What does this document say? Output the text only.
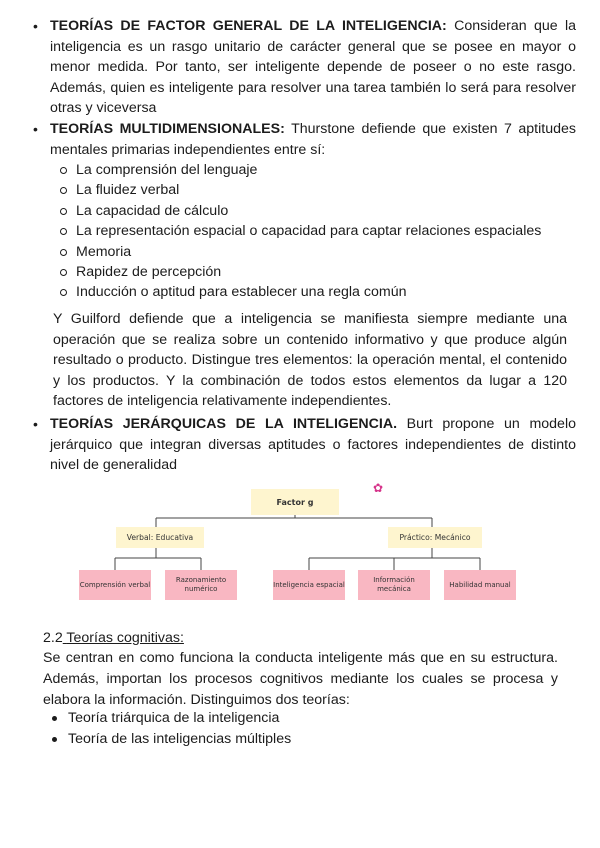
• TEORÍAS DE FACTOR GENERAL DE LA INTELIGENCIA: Consideran que la
inteligencia es un rasgo unitario de carácter general que se posee en mayor o
menor medida. Por tanto, ser inteligente depende de poseer o no este rasgo.
Además, quien es inteligente para resolver una tarea también lo será para resolver
otras y viceversa
• TEORÍAS MULTIDIMENSIONALES: Thurstone defiende que existen 7 aptitudes
mentales primarias independientes entre sí:
La comprensión del lenguaje
La fluidez verbal
La capacidad de cálculo
La representación espacial o capacidad para captar relaciones espaciales
Memoria
Rapidez de percepción
Inducción o aptitud para establecer una regla común
Y Guilford defiende que a inteligencia se manifiesta siempre mediante una
operación que se realiza sobre un contenido informativo y que produce algún
resultado o producto. Distingue tres elementos: la operación mental, el contenido
y los productos. Y la combinación de todos estos elementos da lugar a 120
factores de inteligencia relativamente independientes.
• TEORÍAS JERÁRQUICAS DE LA INTELIGENCIA. Burt propone un modelo
jerárquico que integran diversas aptitudes o factores independientes de distinto
nivel de generalidad
✿
Factor g
Verbal: Educativa	Práctico: Mecánico
Comprensión verbal
Razonamiento numérico
Inteligencia espacial
Información mecánica
Habilidad manual
2.2 Teorías cognitivas:
Se centran en como funciona la conducta inteligente más que en su estructura.
Además, importan los procesos cognitivos mediante los cuales se procesa y
elabora la información. Distinguimos dos teorías:
Teoría triárquica de la inteligencia
Teoría de las inteligencias múltiples
